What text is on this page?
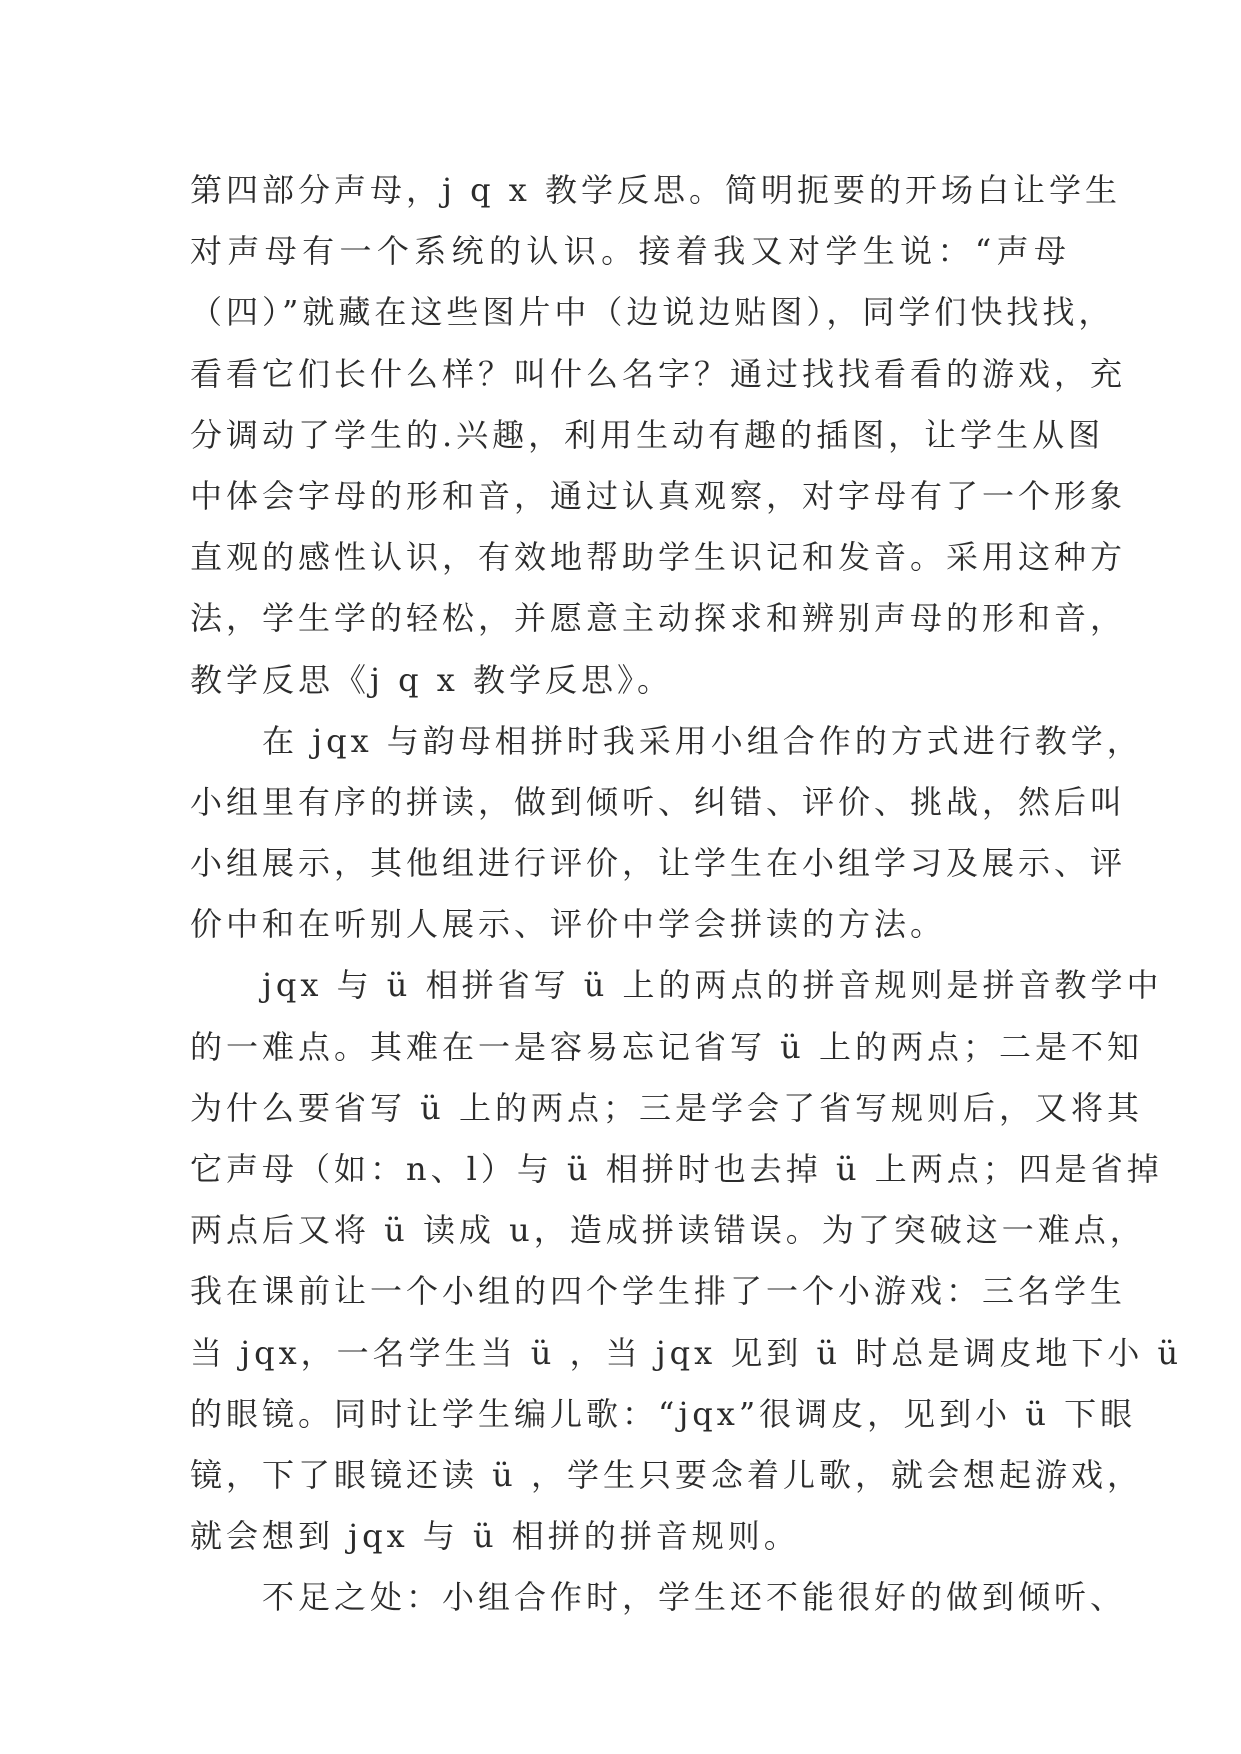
第四部分声母，j q x 教学反思。简明扼要的开场白让学生
对声母有一个系统的认识。接着我又对学生说：“声母
（四）”就藏在这些图片中（边说边贴图），同学们快找找，
看看它们长什么样？叫什么名字？通过找找看看的游戏，充
分调动了学生的.兴趣，利用生动有趣的插图，让学生从图
中体会字母的形和音，通过认真观察，对字母有了一个形象
直观的感性认识，有效地帮助学生识记和发音。采用这种方
法，学生学的轻松，并愿意主动探求和辨别声母的形和音，
教学反思《j q x 教学反思》。
　　在 jqx 与韵母相拼时我采用小组合作的方式进行教学，
小组里有序的拼读，做到倾听、纠错、评价、挑战，然后叫
小组展示，其他组进行评价，让学生在小组学习及展示、评
价中和在听别人展示、评价中学会拼读的方法。
　　jqx 与 ü 相拼省写 ü 上的两点的拼音规则是拼音教学中
的一难点。其难在一是容易忘记省写 ü 上的两点；二是不知
为什么要省写 ü 上的两点；三是学会了省写规则后，又将其
它声母（如：n、l）与 ü 相拼时也去掉 ü 上两点；四是省掉
两点后又将 ü 读成 u，造成拼读错误。为了突破这一难点，
我在课前让一个小组的四个学生排了一个小游戏：三名学生
当 jqx，一名学生当 ü ，当 jqx 见到 ü 时总是调皮地下小 ü
的眼镜。同时让学生编儿歌：“jqx”很调皮，见到小 ü 下眼
镜，下了眼镜还读 ü ，学生只要念着儿歌，就会想起游戏，
就会想到 jqx 与 ü 相拼的拼音规则。
　　不足之处：小组合作时，学生还不能很好的做到倾听、
